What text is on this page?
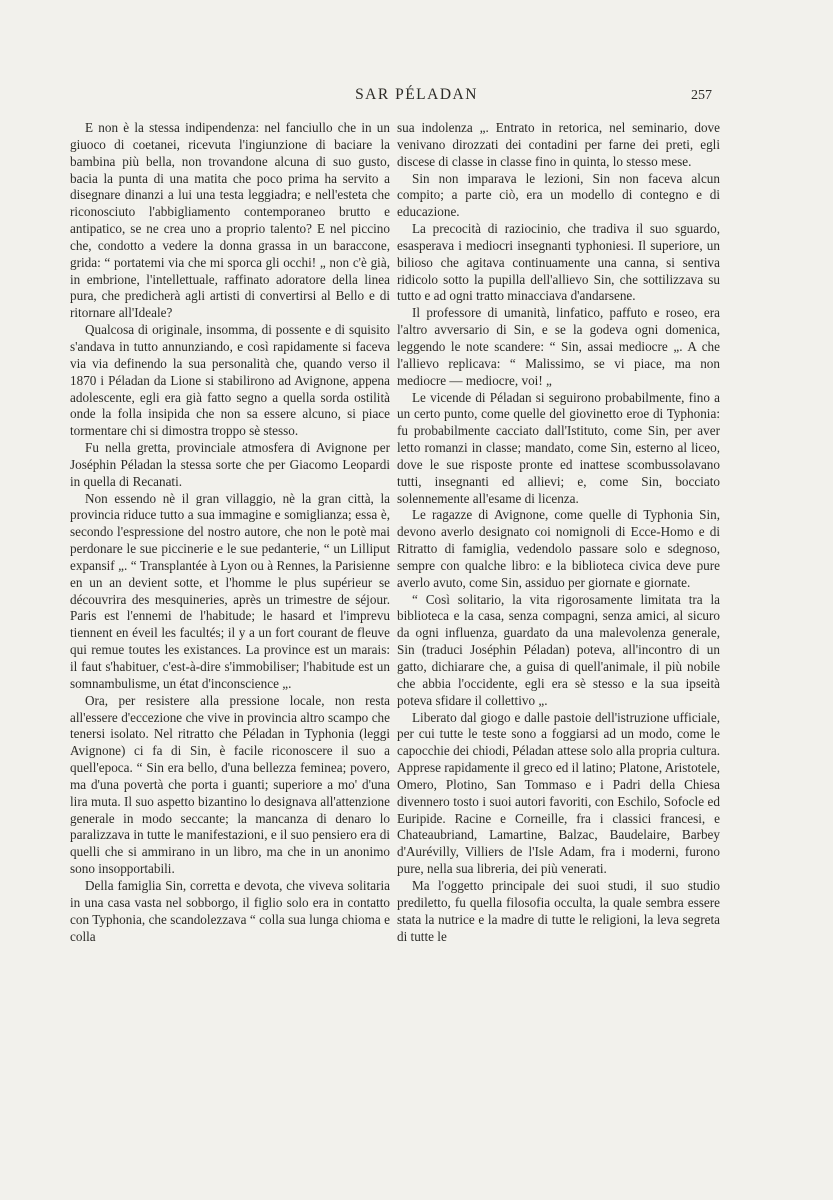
SAR PÉLADAN	257

E non è la stessa indipendenza: nel fanciullo che in un giuoco di coetanei, ricevuta l'ingiunzione di baciare la bambina più bella, non trovandone alcuna di suo gusto, bacia la punta di una matita che poco prima ha servito a disegnare dinanzi a lui una testa leggiadra; e nell'esteta che riconosciuto l'abbigliamento contemporaneo brutto e antipatico, se ne crea uno a proprio talento? E nel piccino che, condotto a vedere la donna grassa in un baraccone, grida: “ portatemi via che mi sporca gli occhi! „ non c'è già, in embrione, l'intellettuale, raffinato adoratore della linea pura, che predicherà agli artisti di convertirsi al Bello e di ritornare all'Ideale?

Qualcosa di originale, insomma, di possente e di squisito s'andava in tutto annunziando, e così rapidamente si faceva via via definendo la sua personalità che, quando verso il 1870 i Péladan da Lione si stabilirono ad Avignone, appena adolescente, egli era già fatto segno a quella sorda ostilità onde la folla insipida che non sa essere alcuno, si piace tormentare chi si dimostra troppo sè stesso.

Fu nella gretta, provinciale atmosfera di Avignone per Joséphin Péladan la stessa sorte che per Giacomo Leopardi in quella di Recanati.

Non essendo nè il gran villaggio, nè la gran città, la provincia riduce tutto a sua immagine e somiglianza; essa è, secondo l'espressione del nostro autore, che non le potè mai perdonare le sue piccinerie e le sue pedanterie, “ un Lilliput expansif „. “ Transplantée à Lyon ou à Rennes, la Parisienne en un an devient sotte, et l'homme le plus supérieur se découvrira des mesquineries, après un trimestre de séjour. Paris est l'ennemi de l'habitude; le hasard et l'imprevu tiennent en éveil les facultés; il y a un fort courant de fleuve qui remue toutes les existances. La province est un marais: il faut s'habituer, c'est-à-dire s'immobiliser; l'habitude est un somnambulisme, un état d'inconscience „.

Ora, per resistere alla pressione locale, non resta all'essere d'eccezione che vive in provincia altro scampo che tenersi isolato. Nel ritratto che Péladan in Typhonia (leggi Avignone) ci fa di Sin, è facile riconoscere il suo a quell'epoca. “ Sin era bello, d'una bellezza feminea; povero, ma d'una povertà che porta i guanti; superiore a mo' d'una lira muta. Il suo aspetto bizantino lo designava all'attenzione generale in modo seccante; la mancanza di denaro lo paralizzava in tutte le manifestazioni, e il suo pensiero era di quelli che si ammirano in un libro, ma che in un anonimo sono insopportabili.

Della famiglia Sin, corretta e devota, che viveva solitaria in una casa vasta nel sobborgo, il figlio solo era in contatto con Typhonia, che scandolezzava “ colla sua lunga chioma e colla

sua indolenza „. Entrato in retorica, nel seminario, dove venivano dirozzati dei contadini per farne dei preti, egli discese di classe in classe fino in quinta, lo stesso mese.

Sin non imparava le lezioni, Sin non faceva alcun compito; a parte ciò, era un modello di contegno e di educazione.

La precocità di raziocinio, che tradiva il suo sguardo, esasperava i mediocri insegnanti typhoniesi. Il superiore, un bilioso che agitava continuamente una canna, si sentiva ridicolo sotto la pupilla dell'allievo Sin, che sottilizzava su tutto e ad ogni tratto minacciava d'andarsene.

Il professore di umanità, linfatico, paffuto e roseo, era l'altro avversario di Sin, e se la godeva ogni domenica, leggendo le note scandere: “ Sin, assai mediocre „. A che l'allievo replicava: “ Malissimo, se vi piace, ma non mediocre — mediocre, voi! „

Le vicende di Péladan si seguirono probabilmente, fino a un certo punto, come quelle del giovinetto eroe di Typhonia: fu probabilmente cacciato dall'Istituto, come Sin, per aver letto romanzi in classe; mandato, come Sin, esterno al liceo, dove le sue risposte pronte ed inattese scombussolavano tutti, insegnanti ed allievi; e, come Sin, bocciato solennemente all'esame di licenza.

Le ragazze di Avignone, come quelle di Typhonia Sin, devono averlo designato coi nomignoli di Ecce-Homo e di Ritratto di famiglia, vedendolo passare solo e sdegnoso, sempre con qualche libro: e la biblioteca civica deve pure averlo avuto, come Sin, assiduo per giornate e giornate.

“ Così solitario, la vita rigorosamente limitata tra la biblioteca e la casa, senza compagni, senza amici, al sicuro da ogni influenza, guardato da una malevolenza generale, Sin (traduci Joséphin Péladan) poteva, all'incontro di un gatto, dichiarare che, a guisa di quell'animale, il più nobile che abbia l'occidente, egli era sè stesso e la sua ipseità poteva sfidare il collettivo „.

Liberato dal giogo e dalle pastoie dell'istruzione ufficiale, per cui tutte le teste sono a foggiarsi ad un modo, come le capocchie dei chiodi, Péladan attese solo alla propria cultura. Apprese rapidamente il greco ed il latino; Platone, Aristotele, Omero, Plotino, San Tommaso e i Padri della Chiesa divennero tosto i suoi autori favoriti, con Eschilo, Sofocle ed Euripide. Racine e Corneille, fra i classici francesi, e Chateaubriand, Lamartine, Balzac, Baudelaire, Barbey d'Aurévilly, Villiers de l'Isle Adam, fra i moderni, furono pure, nella sua libreria, dei più venerati.

Ma l'oggetto principale dei suoi studi, il suo studio prediletto, fu quella filosofia occulta, la quale sembra essere stata la nutrice e la madre di tutte le religioni, la leva segreta di tutte le
